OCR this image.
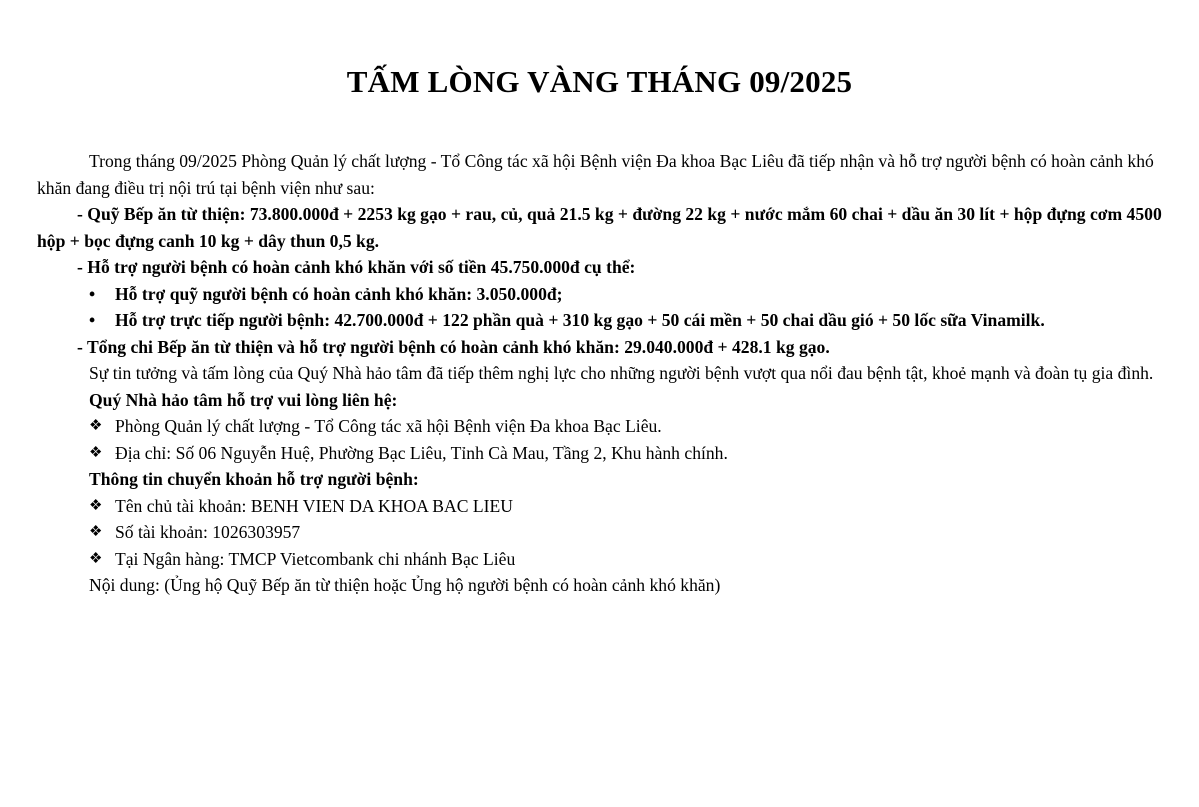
TẤM LÒNG VÀNG THÁNG 09/2025

Trong tháng 09/2025 Phòng Quản lý chất lượng - Tổ Công tác xã hội Bệnh viện Đa khoa Bạc Liêu đã tiếp nhận và hỗ trợ người bệnh có hoàn cảnh khó khăn đang điều trị nội trú tại bệnh viện như sau:

- Quỹ Bếp ăn từ thiện: 73.800.000đ + 2253 kg gạo + rau, củ, quả 21.5 kg + đường 22 kg + nước mắm 60 chai + dầu ăn 30 lít + hộp đựng cơm 4500 hộp + bọc đựng canh 10 kg + dây thun 0,5 kg.

- Hỗ trợ người bệnh có hoàn cảnh khó khăn với số tiền 45.750.000đ cụ thể:

• Hỗ trợ quỹ người bệnh có hoàn cảnh khó khăn: 3.050.000đ;
• Hỗ trợ trực tiếp người bệnh: 42.700.000đ + 122 phần quà + 310 kg gạo + 50 cái mền + 50 chai dầu gió + 50 lốc sữa Vinamilk.

- Tổng chi Bếp ăn từ thiện và hỗ trợ người bệnh có hoàn cảnh khó khăn: 29.040.000đ + 428.1 kg gạo.

Sự tin tưởng và tấm lòng của Quý Nhà hảo tâm đã tiếp thêm nghị lực cho những người bệnh vượt qua nổi đau bệnh tật, khoẻ mạnh và đoàn tụ gia đình.

Quý Nhà hảo tâm hỗ trợ vui lòng liên hệ:

❖ Phòng Quản lý chất lượng - Tổ Công tác xã hội Bệnh viện Đa khoa Bạc Liêu.
❖ Địa chỉ: Số 06 Nguyễn Huệ, Phường Bạc Liêu, Tỉnh Cà Mau, Tầng 2, Khu hành chính.

Thông tin chuyển khoản hỗ trợ người bệnh:

❖ Tên chủ tài khoản: BENH VIEN DA KHOA BAC LIEU
❖ Số tài khoản: 1026303957
❖ Tại Ngân hàng: TMCP Vietcombank chi nhánh Bạc Liêu

Nội dung: (Ủng hộ Quỹ Bếp ăn từ thiện hoặc Ủng hộ người bệnh có hoàn cảnh khó khăn)
